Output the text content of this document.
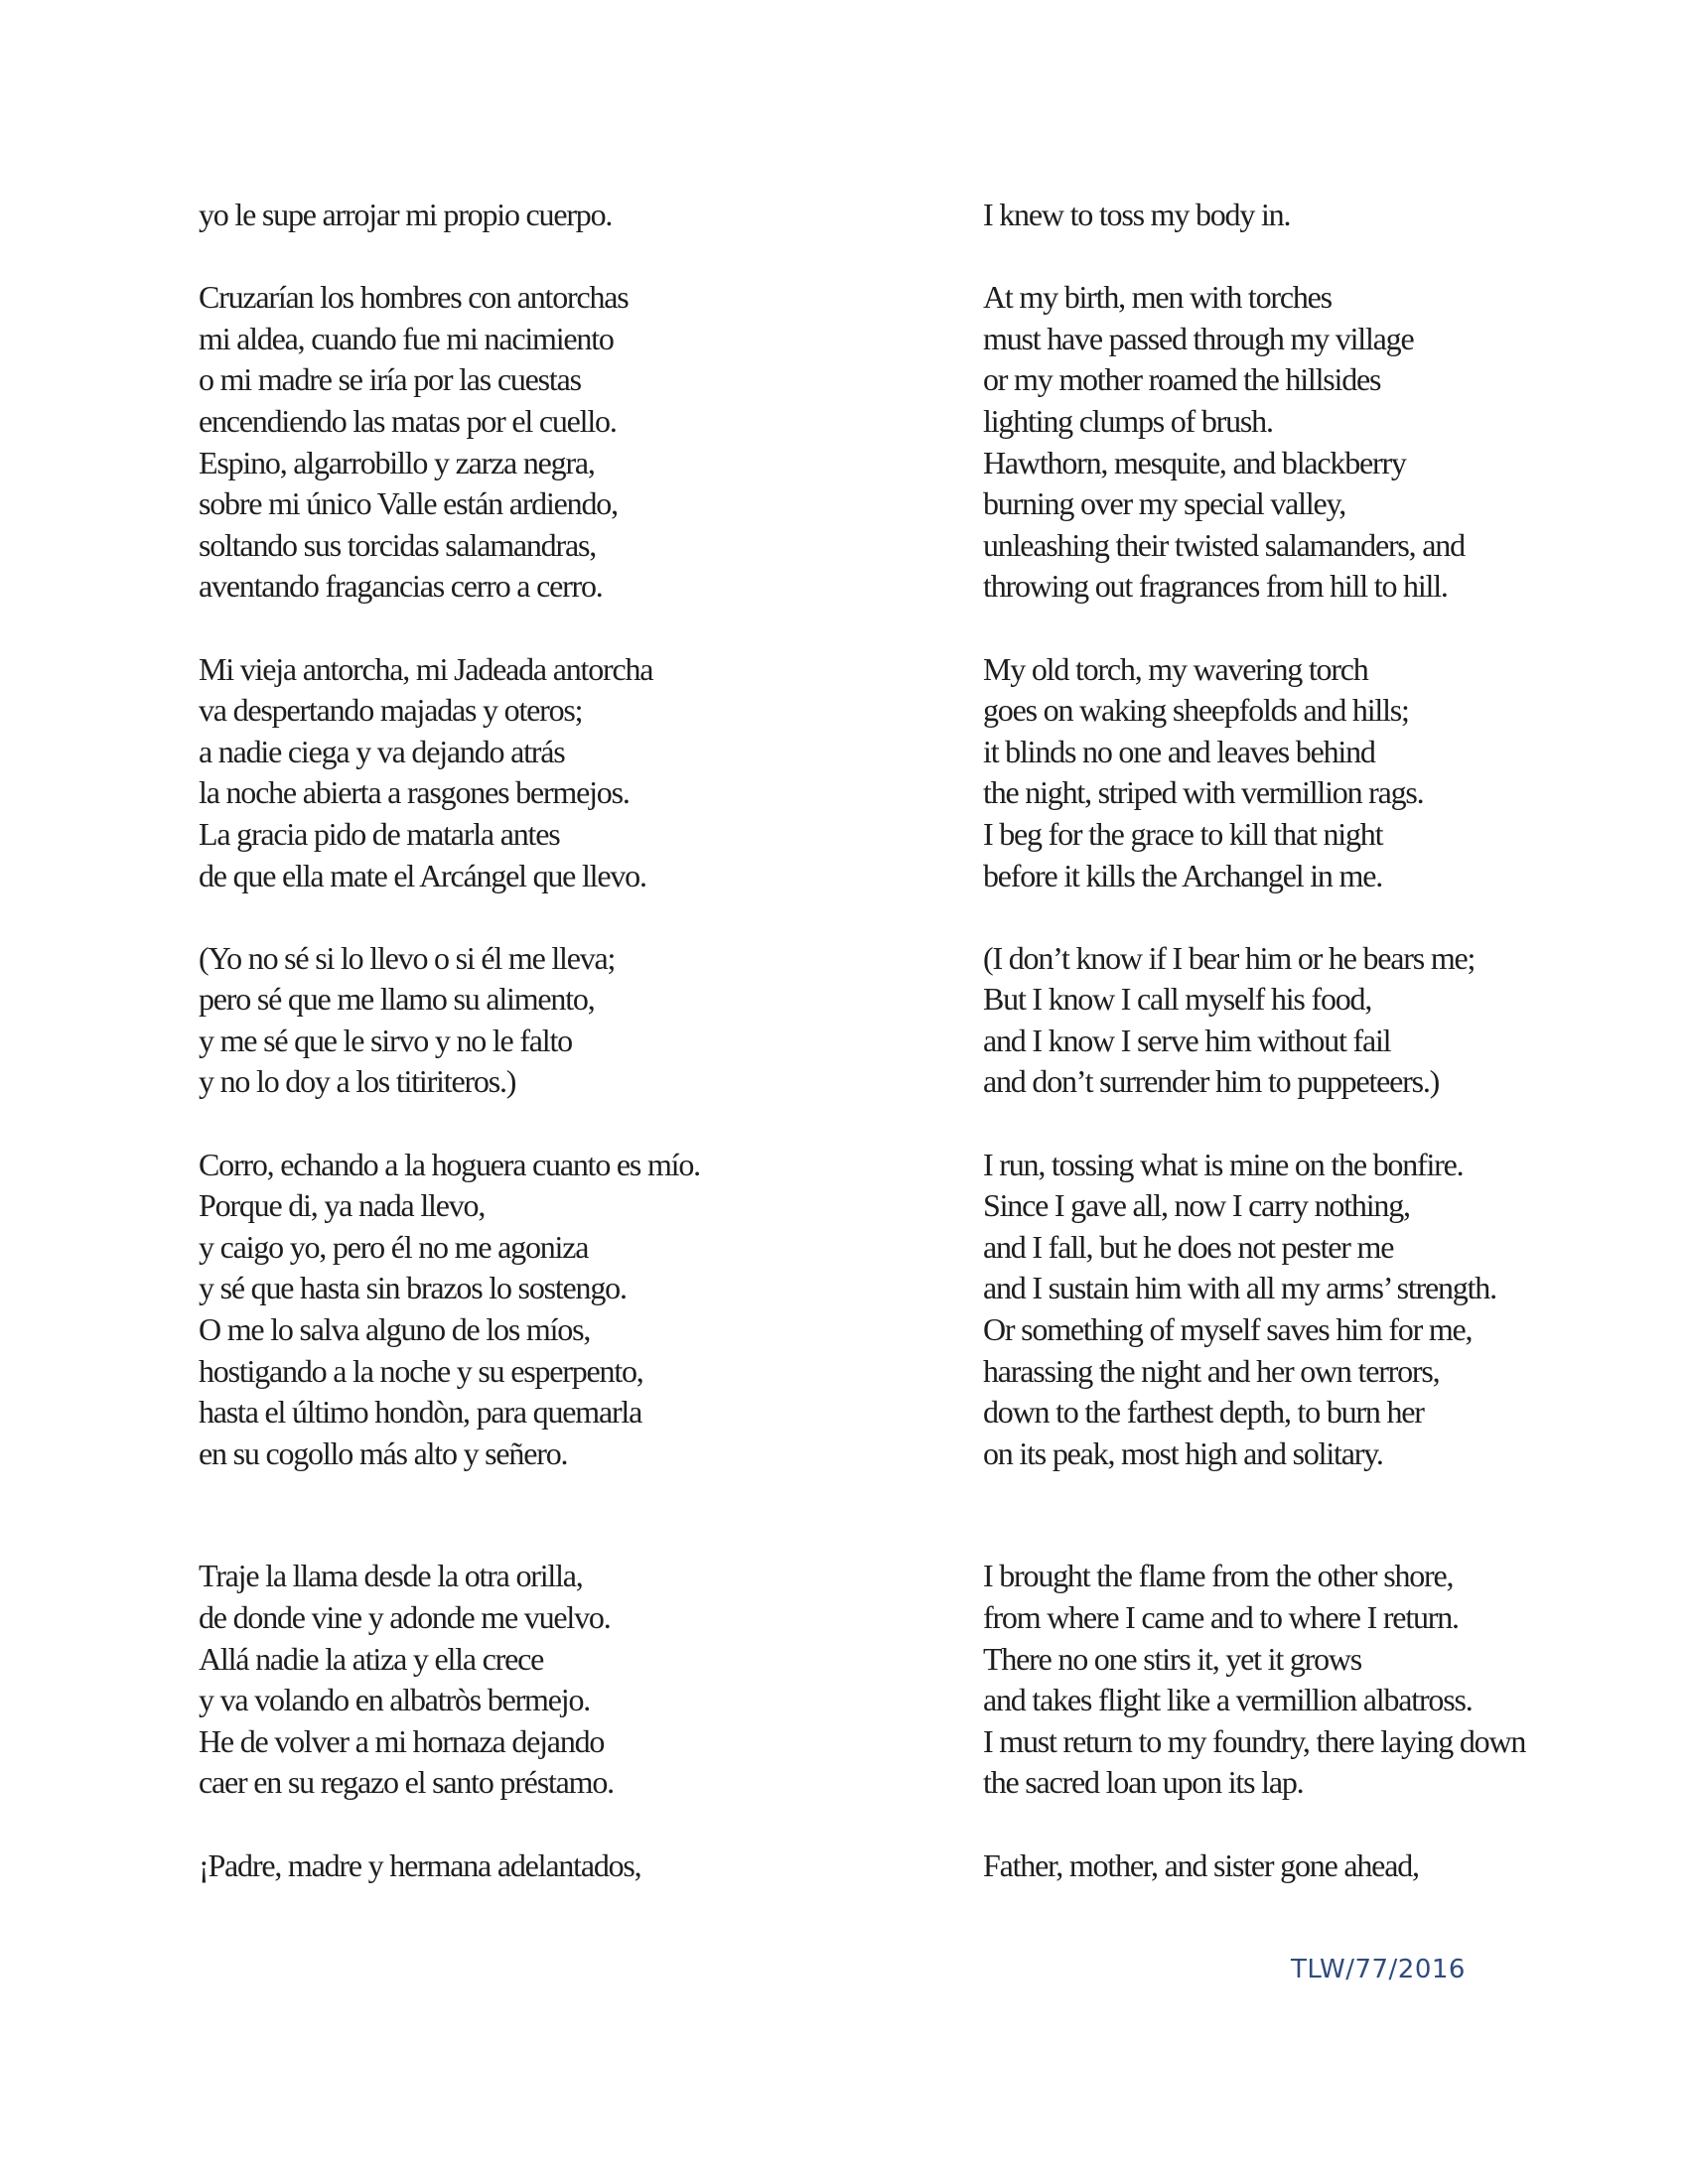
yo le supe arrojar mi propio cuerpo.
Cruzarían los hombres con antorchas
mi aldea, cuando fue mi nacimiento
o mi madre se iría por las cuestas
encendiendo las matas por el cuello.
Espino, algarrobillo y zarza negra,
sobre mi único Valle están ardiendo,
soltando sus torcidas salamandras,
aventando fragancias cerro a cerro.
Mi vieja antorcha, mi Jadeada antorcha
va despertando majadas y oteros;
a nadie ciega y va dejando atrás
la noche abierta a rasgones bermejos.
La gracia pido de matarla antes
de que ella mate el Arcángel que llevo.
(Yo no sé si lo llevo o si él me lleva;
pero sé que me llamo su alimento,
y me sé que le sirvo y no le falto
y no lo doy a los titiriteros.)
Corro, echando a la hoguera cuanto es mío.
Porque di, ya nada llevo,
y caigo yo, pero él no me agoniza
y sé que hasta sin brazos lo sostengo.
O me lo salva alguno de los míos,
hostigando a la noche y su esperpento,
hasta el último hondòn, para quemarla
en su cogollo más alto y señero.
Traje la llama desde la otra orilla,
de donde vine y adonde me vuelvo.
Allá nadie la atiza y ella crece
y va volando en albatròs bermejo.
He de volver a mi hornaza dejando
caer en su regazo el santo préstamo.
¡Padre, madre y hermana adelantados,
I knew to toss my body in.
At my birth, men with torches
must have passed through my village
or my mother roamed the hillsides
lighting clumps of brush.
Hawthorn, mesquite, and blackberry
burning over my special valley,
unleashing their twisted salamanders, and
throwing out fragrances from hill to hill.
My old torch, my wavering torch
goes on waking sheepfolds and hills;
it blinds no one and leaves behind
the night, striped with vermillion rags.
I beg for the grace to kill that night
before it kills the Archangel in me.
(I don’t know if I bear him or he bears me;
But I know I call myself his food,
and I know I serve him without fail
and don’t surrender him to puppeteers.)
I run, tossing what is mine on the bonfire.
Since I gave all, now I carry nothing,
and I fall, but he does not pester me
and I sustain him with all my arms’ strength.
Or something of myself saves him for me,
harassing the night and her own terrors,
down to the farthest depth, to burn her
on its peak, most high and solitary.
I brought the flame from the other shore,
from where I came and to where I return.
There no one stirs it, yet it grows
and takes flight like a vermillion albatross.
I must return to my foundry, there laying down
the sacred loan upon its lap.
Father, mother, and sister gone ahead,
TLW/77/2016
